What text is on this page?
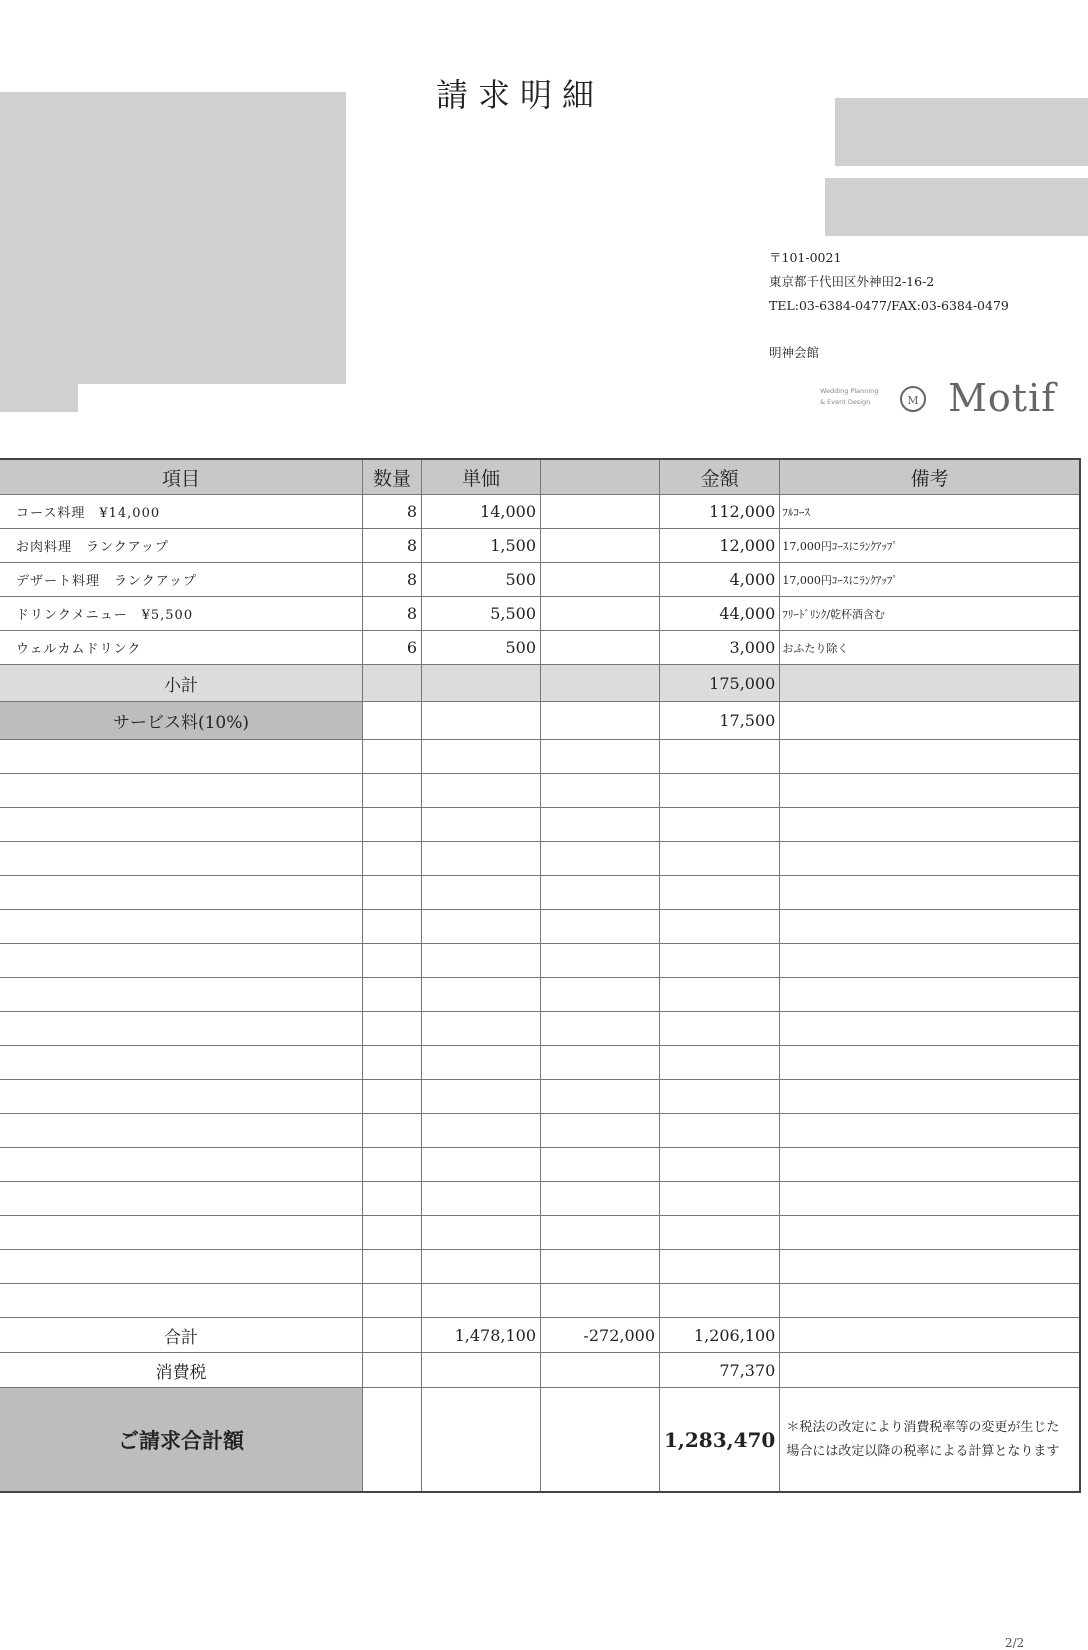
請求明細
〒101-0021
東京都千代田区外神田2-16-2
TEL:03-6384-0477/FAX:03-6384-0479
明神会館
Wedding Planning
& Event Design	M Motif
項目	数量	単価		金額	備考
コース料理　¥14,000	8	14,000		112,000	ﾌﾙｺｰｽ
お肉料理　ランクアップ	8	1,500		12,000	17,000円ｺｰｽにﾗﾝｸｱｯﾌﾟ
デザート料理　ランクアップ	8	500		4,000	17,000円ｺｰｽにﾗﾝｸｱｯﾌﾟ
ドリンクメニュー　¥5,500	8	5,500		44,000	ﾌﾘｰﾄﾞﾘﾝｸ/乾杯酒含む
ウェルカムドリンク	6	500		3,000	おふたり除く
小計				175,000	
サービス料(10%)				17,500	

合計		1,478,100	-272,000	1,206,100	
消費税				77,370	
ご請求合計額				1,283,470	＊税法の改定により消費税率等の変更が生じた
場合には改定以降の税率による計算となります
2/2
